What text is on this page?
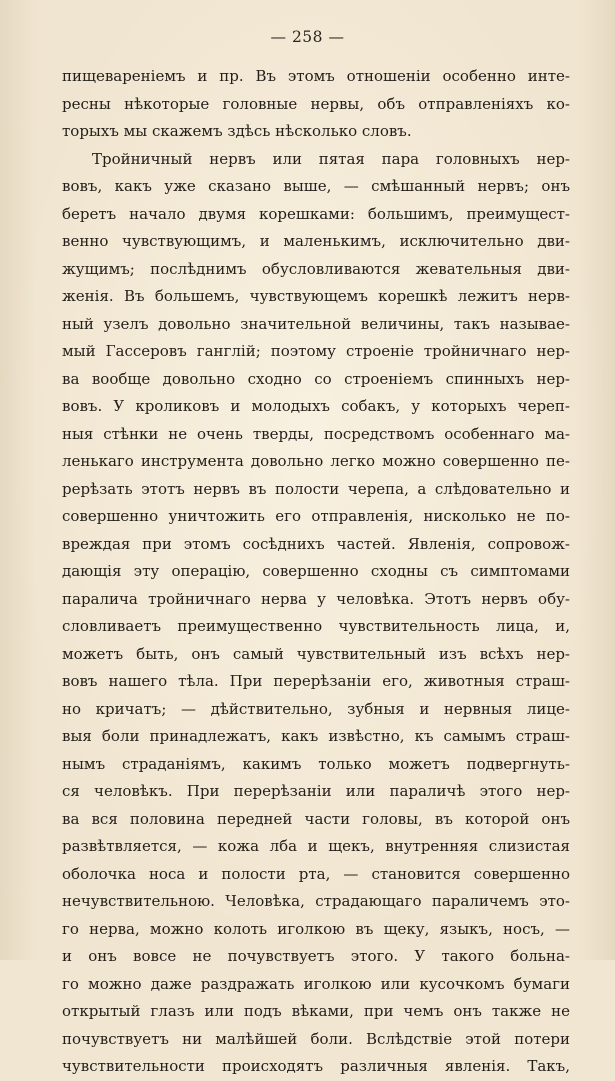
— 258 —
пищеваренiемъ и пр. Въ этомъ отношенiи особенно инте-
ресны нѣкоторые головные нервы, объ отправленiяхъ ко-
торыхъ мы скажемъ здѣсь нѣсколько словъ.
Тройничный нервъ или пятая пара головныхъ нер-
вовъ, какъ уже сказано выше, — смѣшанный нервъ; онъ
беретъ начало двумя корешками: большимъ, преимущест-
венно чувствующимъ, и маленькимъ, исключительно дви-
жущимъ; послѣднимъ обусловливаются жевательныя дви-
женiя. Въ большемъ, чувствующемъ корешкѣ лежитъ нерв-
ный узелъ довольно значительной величины, такъ называе-
мый Гассеровъ ганглiй; поэтому строенiе тройничнаго нер-
ва вообще довольно сходно со строенiемъ спинныхъ нер-
вовъ. У кроликовъ и молодыхъ собакъ, у которыхъ череп-
ныя стѣнки не очень тверды, посредствомъ особеннаго ма-
ленькаго инструмента довольно легко можно совершенно пе-
рерѣзать этотъ нервъ въ полости черепа, а слѣдовательно и
совершенно уничтожить его отправленiя, нисколько не по-
вреждая при этомъ сосѣднихъ частей. Явленiя, сопровож-
дающiя эту операцiю, совершенно сходны съ симптомами
паралича тройничнаго нерва у человѣка. Этотъ нервъ обу-
словливаетъ преимущественно чувствительность лица, и,
можетъ быть, онъ самый чувствительный изъ всѣхъ нер-
вовъ нашего тѣла. При перерѣзанiи его, животныя страш-
но кричатъ; — дѣйствительно, зубныя и нервныя лице-
выя боли принадлежатъ, какъ извѣстно, къ самымъ страш-
нымъ страданiямъ, какимъ только можетъ подвергнуть-
ся человѣкъ. При перерѣзанiи или параличѣ этого нер-
ва вся половина передней части головы, въ которой онъ
развѣтвляется, — кожа лба и щекъ, внутренняя слизистая
оболочка носа и полости рта, — становится совершенно
нечувствительною. Человѣка, страдающаго параличемъ это-
го нерва, можно колоть иголкою въ щеку, языкъ, носъ, —
и онъ вовсе не почувствуетъ этого. У такого больна-
го можно даже раздражать иголкою или кусочкомъ бумаги
открытый глазъ или подъ вѣками, при чемъ онъ также не
почувствуетъ ни малѣйшей боли. Вслѣдствiе этой потери
чувствительности происходятъ различныя явленiя. Такъ,
